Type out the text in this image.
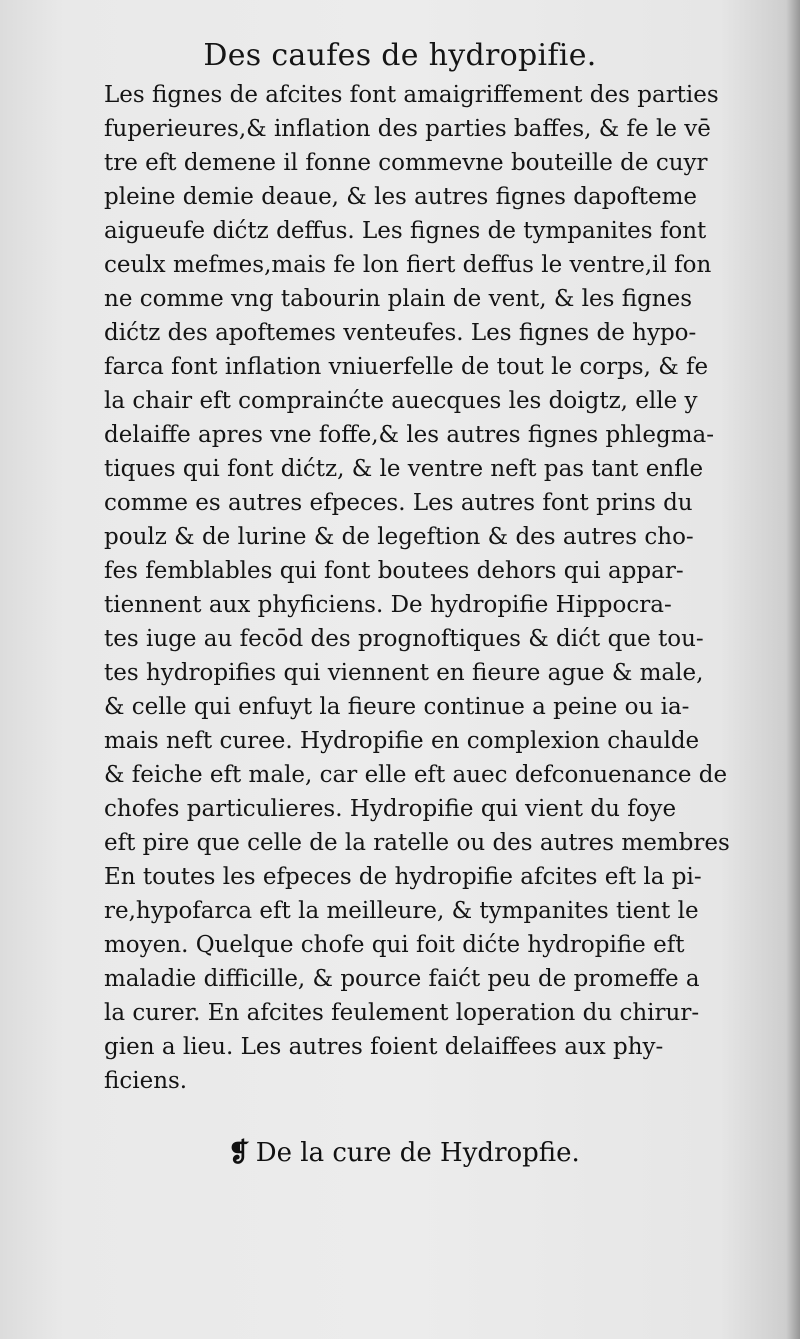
Des caufes de hydropifie.
Les fignes de afcites font amaigriffement des parties
fuperieures,& inflation des parties baffes, & fe le vē
tre eft demene il fonne commevne bouteille de cuyr
pleine demie deaue, & les autres fignes dapofteme
aigueufe dićtz deffus. Les fignes de tympanites font
ceulx mefmes,mais fe lon fiert deffus le ventre,il fon
ne comme vng tabourin plain de vent, & les fignes
dićtz des apoftemes venteufes. Les fignes de hypo-
farca font inflation vniuerfelle de tout le corps, & fe
la chair eft comprainćte auecques les doigtz, elle y
delaiffe apres vne foffe,& les autres fignes phlegma-
tiques qui font dićtz, & le ventre neft pas tant enfle
comme es autres efpeces. Les autres font prins du
poulz & de lurine & de legeftion & des autres cho-
fes femblables qui font boutees dehors qui appar-
tiennent aux phyficiens. De hydropifie Hippocra-
tes iuge au fecōd des prognoftiques & dićt que tou-
tes hydropifies qui viennent en fieure ague & male,
& celle qui enfuyt la fieure continue a peine ou ia-
mais neft curee. Hydropifie en complexion chaulde
& feiche eft male, car elle eft auec defconuenance de
chofes particulieres. Hydropifie qui vient du foye
eft pire que celle de la ratelle ou des autres membres
En toutes les efpeces de hydropifie afcites eft la pi-
re,hypofarca eft la meilleure, & tympanites tient le
moyen. Quelque chofe qui foit dićte hydropifie eft
maladie difficille, & pource faićt peu de promeffe a
la curer. En afcites feulement loperation du chirur-
gien a lieu. Les autres foient delaiffees aux phy-
ficiens.
❡ De la cure de Hydropfie.
